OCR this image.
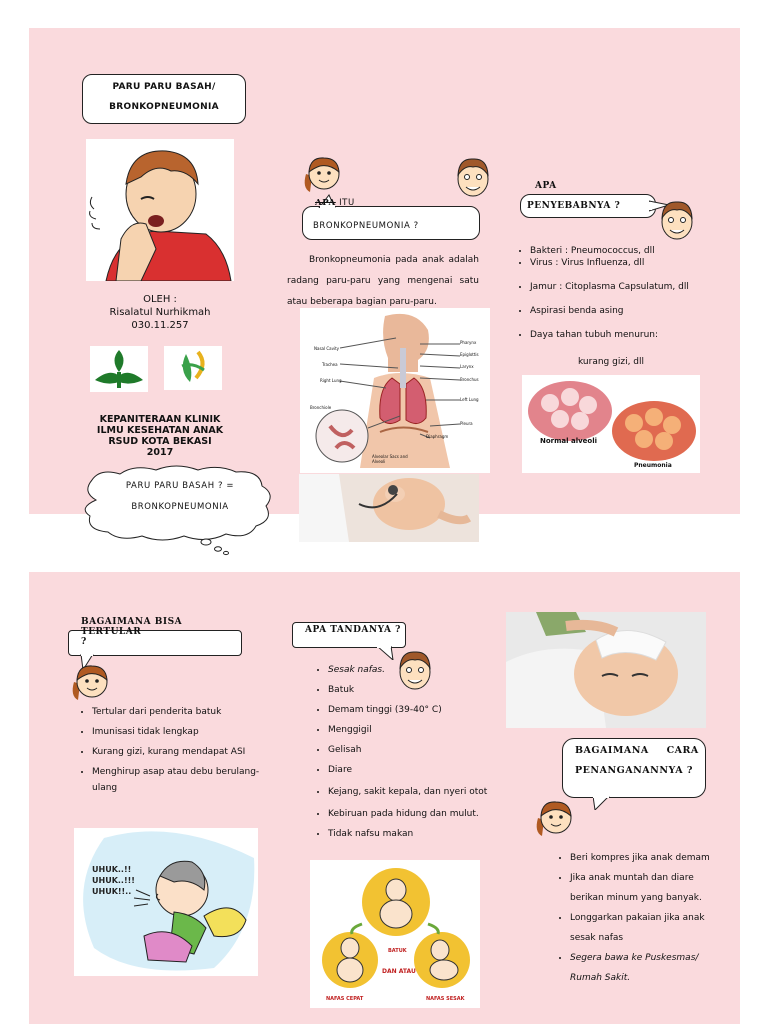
PARU PARU BASAH/
BRONKOPNEUMONIA
OLEH :
Risalatul Nurhikmah
030.11.257
KEPANITERAAN KLINIK
ILMU KESEHATAN ANAK
RSUD KOTA BEKASI
2017
PARU PARU BASAH ? =
BRONKOPNEUMONIA
APA ITU
BRONKOPNEUMONIA ?
Bronkopneumonia pada anak adalah radang paru-paru yang mengenai satu atau beberapa bagian paru-paru.
Nasal Cavity
Trachea
Right Lung
Bronchiole
Pharynx
Epiglottis
Larynx
Bronchus
Left Lung
Pleura
Diaphragm
Alveolar Sacs and Alveoli
APA
PENYEBABNYA ?
• Bakteri : Pneumococcus, dll
• Virus : Virus Influenza, dll
• Jamur : Citoplasma Capsulatum, dll
• Aspirasi benda asing
• Daya tahan tubuh menurun:
kurang gizi, dll
Normal alveoli
Pneumonia
BAGAIMANA BISA TERTULAR
?
• Tertular dari penderita batuk
• Imunisasi tidak lengkap
• Kurang gizi, kurang mendapat ASI
• Menghirup asap atau debu berulang-ulang
UHUK..!!
UHUK..!!!
UHUK!!..
APA TANDANYA ?
• Sesak nafas.
• Batuk
• Demam tinggi (39-40° C)
• Menggigil
• Gelisah
• Diare
• Kejang, sakit kepala, dan nyeri otot
• Kebiruan pada hidung dan mulut.
• Tidak nafsu makan
BATUK
DAN ATAU
NAFAS CEPAT	NAFAS SESAK
BAGAIMANA CARA
PENANGANANNYA ?
• Beri kompres jika anak demam
• Jika anak muntah dan diare berikan minum yang banyak.
• Longgarkan pakaian jika anak sesak nafas
• Segera bawa ke Puskesmas/ Rumah Sakit.
